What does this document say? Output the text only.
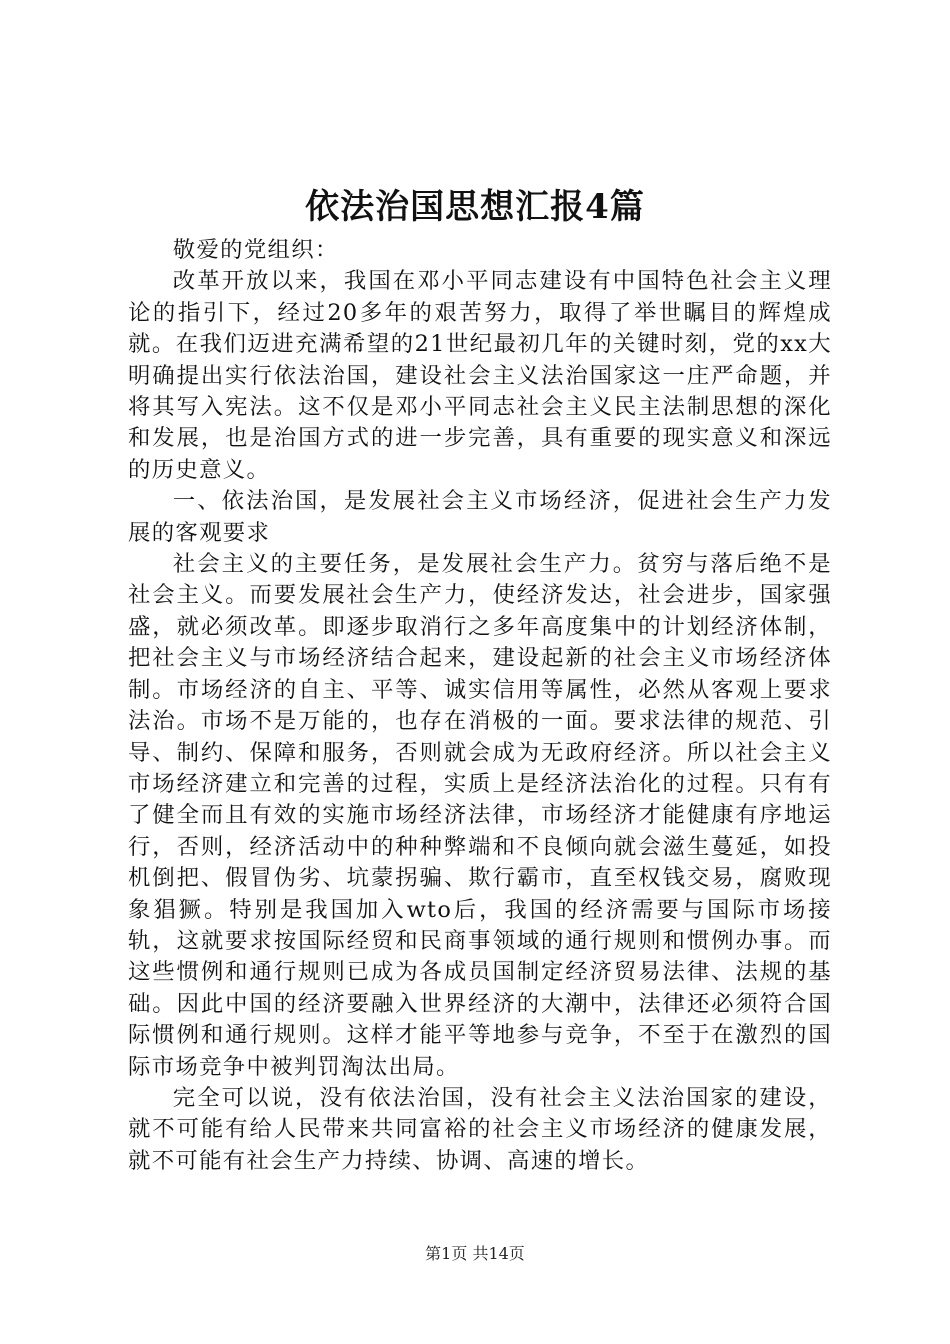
依法治国思想汇报4篇

敬爱的党组织：

改革开放以来，我国在邓小平同志建设有中国特色社会主义理论的指引下，经过20多年的艰苦努力，取得了举世瞩目的辉煌成就。在我们迈进充满希望的21世纪最初几年的关键时刻，党的xx大明确提出实行依法治国，建设社会主义法治国家这一庄严命题，并将其写入宪法。这不仅是邓小平同志社会主义民主法制思想的深化和发展，也是治国方式的进一步完善，具有重要的现实意义和深远的历史意义。

一、依法治国，是发展社会主义市场经济，促进社会生产力发展的客观要求

社会主义的主要任务，是发展社会生产力。贫穷与落后绝不是社会主义。而要发展社会生产力，使经济发达，社会进步，国家强盛，就必须改革。即逐步取消行之多年高度集中的计划经济体制，把社会主义与市场经济结合起来，建设起新的社会主义市场经济体制。市场经济的自主、平等、诚实信用等属性，必然从客观上要求法治。市场不是万能的，也存在消极的一面。要求法律的规范、引导、制约、保障和服务，否则就会成为无政府经济。所以社会主义市场经济建立和完善的过程，实质上是经济法治化的过程。只有有了健全而且有效的实施市场经济法律，市场经济才能健康有序地运行，否则，经济活动中的种种弊端和不良倾向就会滋生蔓延，如投机倒把、假冒伪劣、坑蒙拐骗、欺行霸市，直至权钱交易，腐败现象猖獗。特别是我国加入wto后，我国的经济需要与国际市场接轨，这就要求按国际经贸和民商事领域的通行规则和惯例办事。而这些惯例和通行规则已成为各成员国制定经济贸易法律、法规的基础。因此中国的经济要融入世界经济的大潮中，法律还必须符合国际惯例和通行规则。这样才能平等地参与竞争，不至于在激烈的国际市场竞争中被判罚淘汰出局。

完全可以说，没有依法治国，没有社会主义法治国家的建设，就不可能有给人民带来共同富裕的社会主义市场经济的健康发展，就不可能有社会生产力持续、协调、高速的增长。

第1页 共14页
